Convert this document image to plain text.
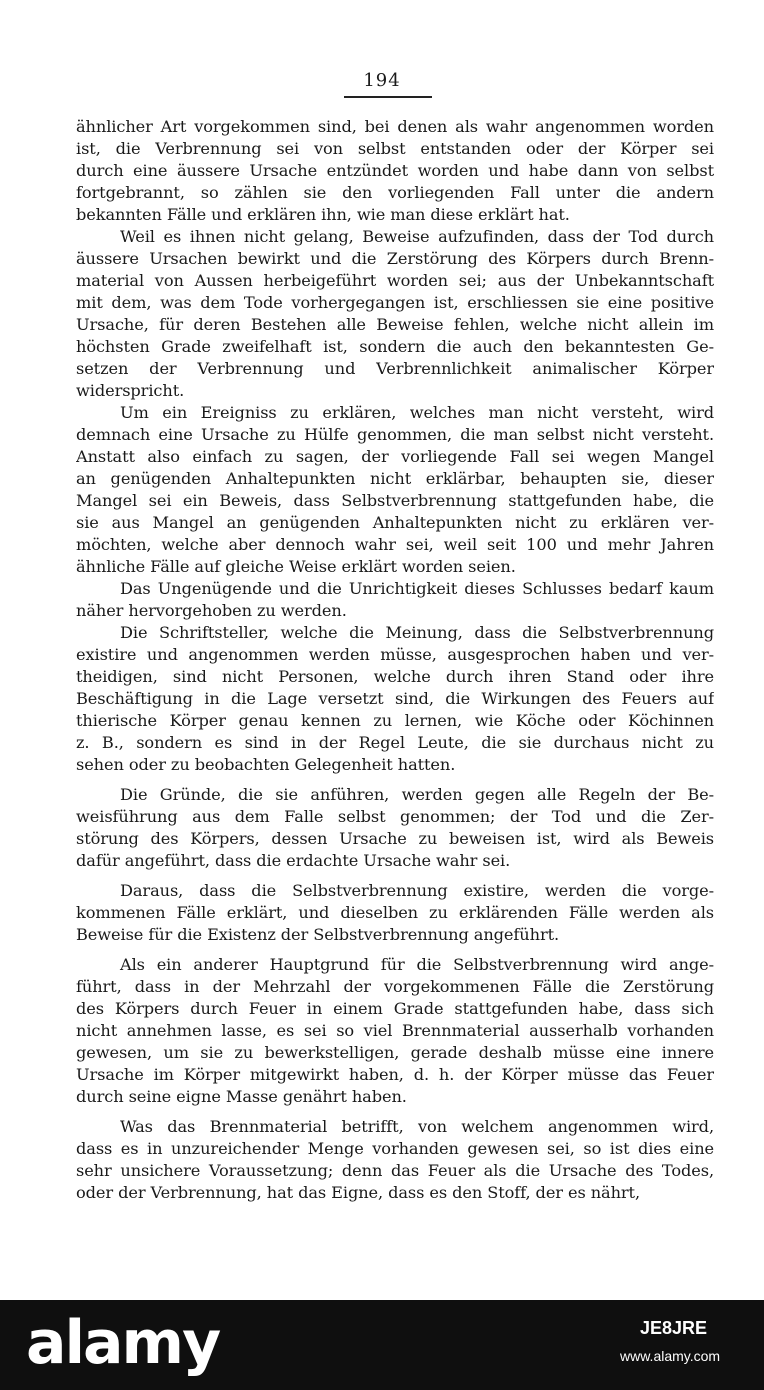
194
ähnlicher Art vorgekommen sind, bei denen als wahr angenommen worden
ist, die Verbrennung sei von selbst entstanden oder der Körper sei
durch eine äussere Ursache entzündet worden und habe dann von selbst
fortgebrannt, so zählen sie den vorliegenden Fall unter die andern
bekannten Fälle und erklären ihn, wie man diese erklärt hat.
Weil es ihnen nicht gelang, Beweise aufzufinden, dass der Tod durch
äussere Ursachen bewirkt und die Zerstörung des Körpers durch Brenn-
material von Aussen herbeigeführt worden sei; aus der Unbekanntschaft
mit dem, was dem Tode vorhergegangen ist, erschliessen sie eine positive
Ursache, für deren Bestehen alle Beweise fehlen, welche nicht allein im
höchsten Grade zweifelhaft ist, sondern die auch den bekanntesten Ge-
setzen der Verbrennung und Verbrennlichkeit animalischer Körper
widerspricht.
Um ein Ereigniss zu erklären, welches man nicht versteht, wird
demnach eine Ursache zu Hülfe genommen, die man selbst nicht versteht.
Anstatt also einfach zu sagen, der vorliegende Fall sei wegen Mangel
an genügenden Anhaltepunkten nicht erklärbar, behaupten sie, dieser
Mangel sei ein Beweis, dass Selbstverbrennung stattgefunden habe, die
sie aus Mangel an genügenden Anhaltepunkten nicht zu erklären ver-
möchten, welche aber dennoch wahr sei, weil seit 100 und mehr Jahren
ähnliche Fälle auf gleiche Weise erklärt worden seien.
Das Ungenügende und die Unrichtigkeit dieses Schlusses bedarf kaum
näher hervorgehoben zu werden.
Die Schriftsteller, welche die Meinung, dass die Selbstverbrennung
existire und angenommen werden müsse, ausgesprochen haben und ver-
theidigen, sind nicht Personen, welche durch ihren Stand oder ihre
Beschäftigung in die Lage versetzt sind, die Wirkungen des Feuers auf
thierische Körper genau kennen zu lernen, wie Köche oder Köchinnen
z. B., sondern es sind in der Regel Leute, die sie durchaus nicht zu
sehen oder zu beobachten Gelegenheit hatten.
Die Gründe, die sie anführen, werden gegen alle Regeln der Be-
weisführung aus dem Falle selbst genommen; der Tod und die Zer-
störung des Körpers, dessen Ursache zu beweisen ist, wird als Beweis
dafür angeführt, dass die erdachte Ursache wahr sei.
Daraus, dass die Selbstverbrennung existire, werden die vorge-
kommenen Fälle erklärt, und dieselben zu erklärenden Fälle werden als
Beweise für die Existenz der Selbstverbrennung angeführt.
Als ein anderer Hauptgrund für die Selbstverbrennung wird ange-
führt, dass in der Mehrzahl der vorgekommenen Fälle die Zerstörung
des Körpers durch Feuer in einem Grade stattgefunden habe, dass sich
nicht annehmen lasse, es sei so viel Brennmaterial ausserhalb vorhanden
gewesen, um sie zu bewerkstelligen, gerade deshalb müsse eine innere
Ursache im Körper mitgewirkt haben, d. h. der Körper müsse das Feuer
durch seine eigne Masse genährt haben.
Was das Brennmaterial betrifft, von welchem angenommen wird,
dass es in unzureichender Menge vorhanden gewesen sei, so ist dies eine
sehr unsichere Voraussetzung; denn das Feuer als die Ursache des Todes,
oder der Verbrennung, hat das Eigne, dass es den Stoff, der es nährt,
alamy	JE8JRE
www.alamy.com
